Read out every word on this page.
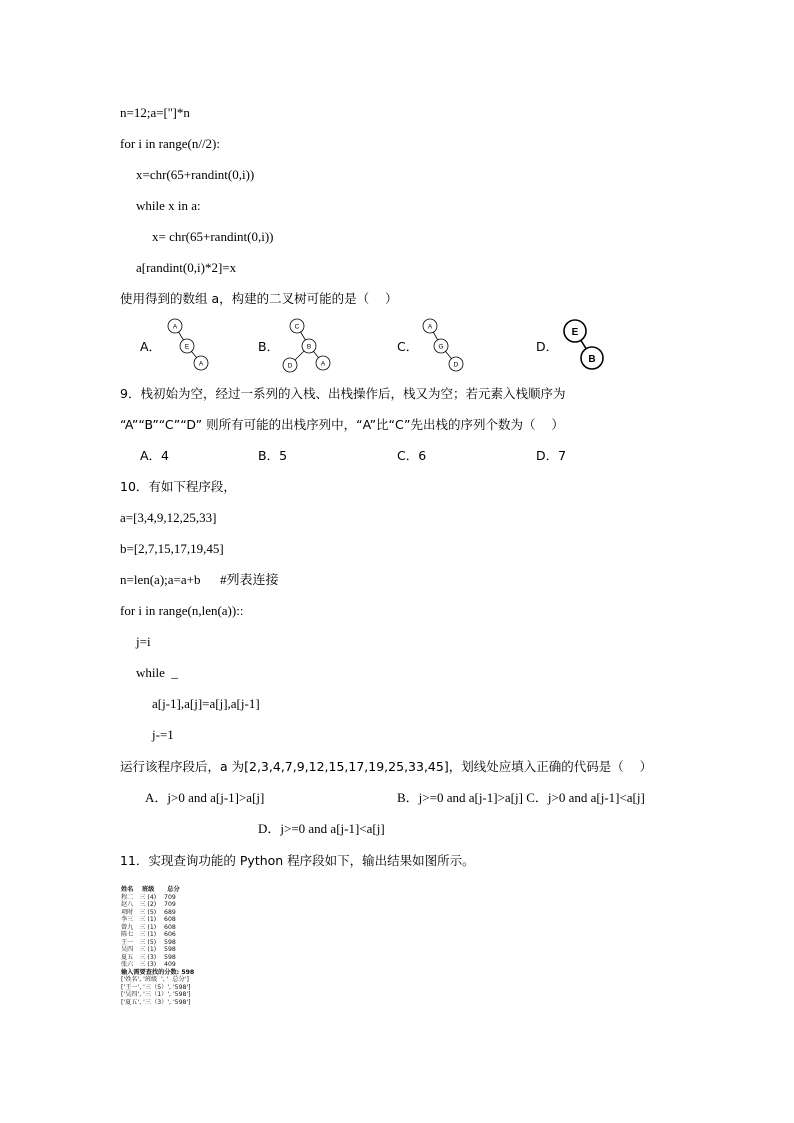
n=12;a=['']*n
for i in range(n//2):
x=chr(65+randint(0,i))
while x in a:
x= chr(65+randint(0,i))
a[randint(0,i)*2]=x
使用得到的数组 a，构建的二叉树可能的是（    ）
A．
A
E
A
B．
C
B
D	A
C．
A
G
D
D．
E
B
9．栈初始为空，经过一系列的入栈、出栈操作后，栈又为空；若元素入栈顺序为
“A”“B”“C”“D” 则所有可能的出栈序列中，“A”比“C”先出栈的序列个数为（    ）
A．4	B．5	C．6	D．7
10．有如下程序段，
a=[3,4,9,12,25,33]
b=[2,7,15,17,19,45]
n=len(a);a=a+b      #列表连接
for i in range(n,len(a))::
j=i
while  _
a[j-1],a[j]=a[j],a[j-1]
j-=1
运行该程序段后，a 为[2,3,4,7,9,12,15,17,19,25,33,45]，划线处应填入正确的代码是（    ）
A．j>0 and a[j-1]>a[j]	B．j>=0 and a[j-1]>a[j] C．j>0 and a[j-1]<a[j]
D．j>=0 and a[j-1]<a[j]
11．实现查询功能的 Python 程序段如下，输出结果如图所示。
姓名    班级      总分
程二   三 (4)    709
赵八   三 (2)    709
项时   三 (5)    689
李三   三 (1)    608
曾九   三 (1)    608
陈七   三 (1)    606
王一   三 (5)    598
吴四   三 (1)    598
夏五   三 (3)    598
张六   三 (3)    409
输入需要查找的分数: 598
['姓名', '班级  ', '  总分']
['王一', '三（5）', '598']
['吴四', '三（1）', '598']
['夏五', '三（3）', '598']
